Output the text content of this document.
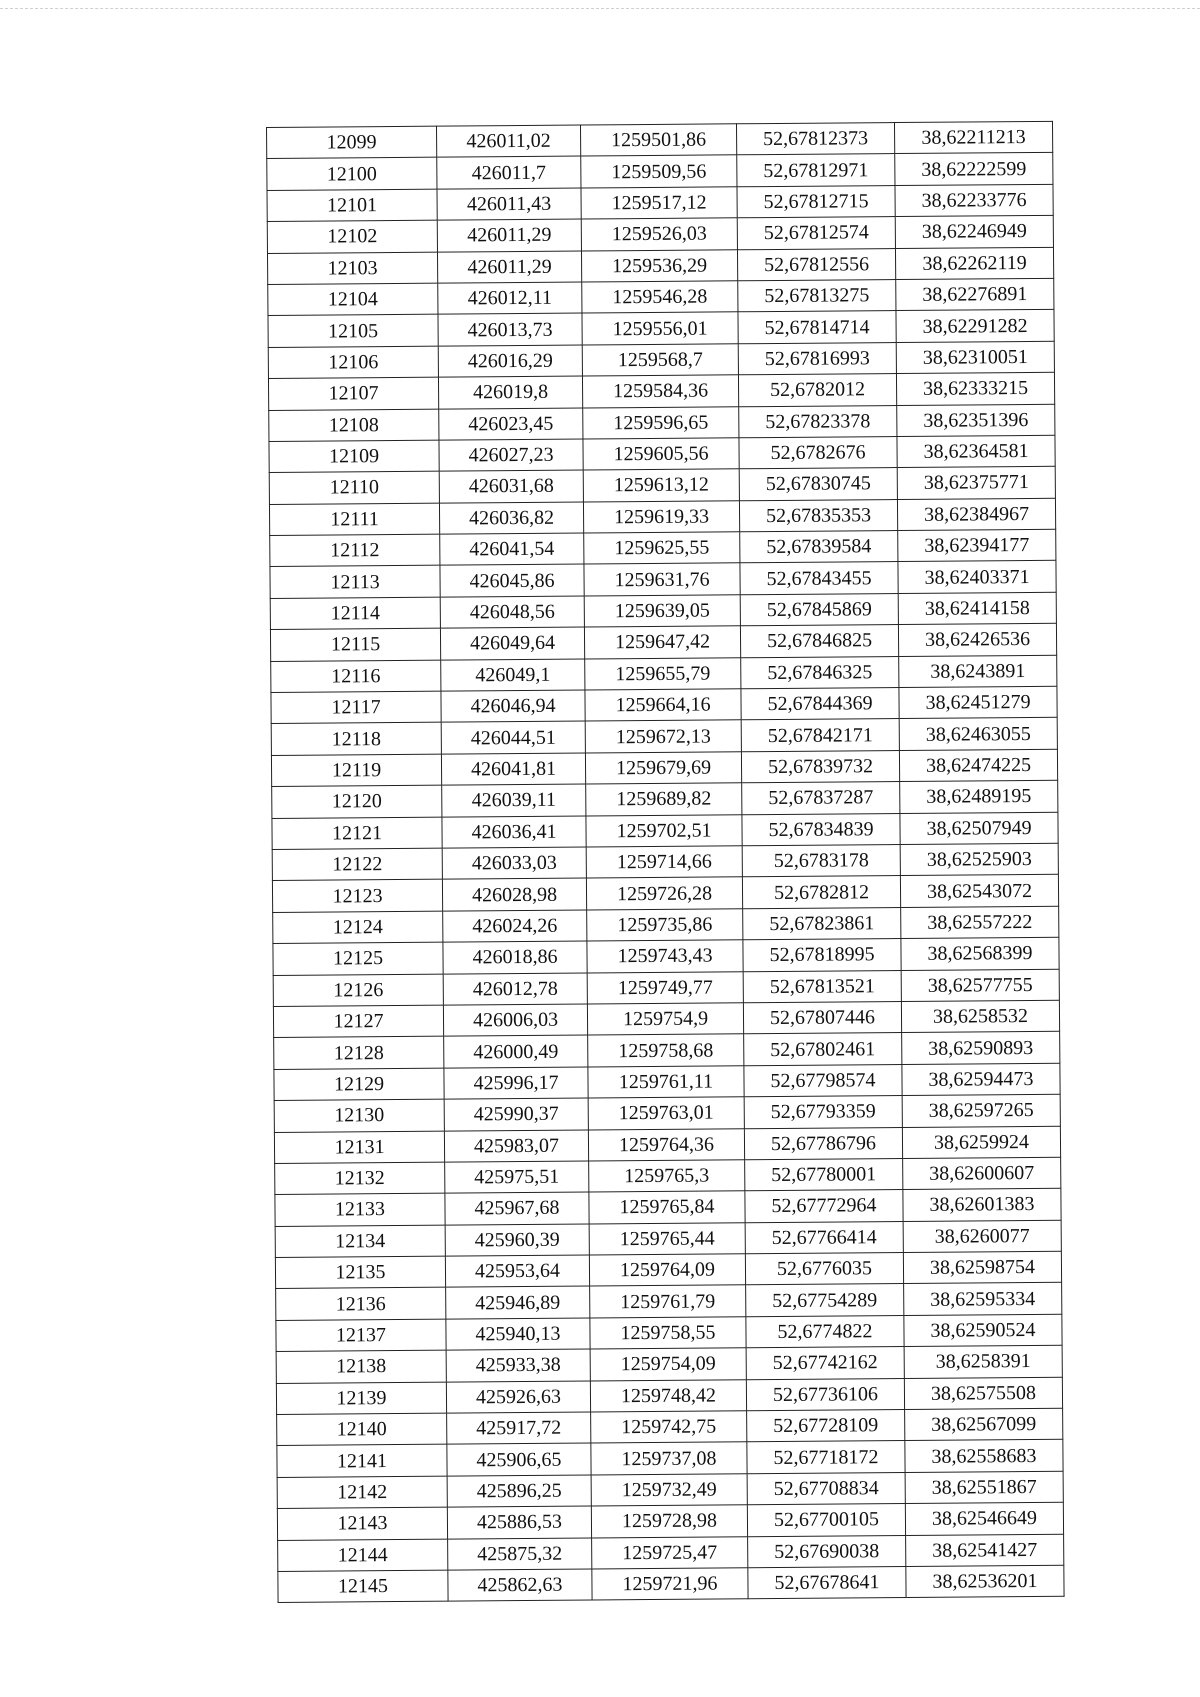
12099	426011,02	1259501,86	52,67812373	38,62211213
12100	426011,7	1259509,56	52,67812971	38,62222599
12101	426011,43	1259517,12	52,67812715	38,62233776
12102	426011,29	1259526,03	52,67812574	38,62246949
12103	426011,29	1259536,29	52,67812556	38,62262119
12104	426012,11	1259546,28	52,67813275	38,62276891
12105	426013,73	1259556,01	52,67814714	38,62291282
12106	426016,29	1259568,7	52,67816993	38,62310051
12107	426019,8	1259584,36	52,6782012	38,62333215
12108	426023,45	1259596,65	52,67823378	38,62351396
12109	426027,23	1259605,56	52,6782676	38,62364581
12110	426031,68	1259613,12	52,67830745	38,62375771
12111	426036,82	1259619,33	52,67835353	38,62384967
12112	426041,54	1259625,55	52,67839584	38,62394177
12113	426045,86	1259631,76	52,67843455	38,62403371
12114	426048,56	1259639,05	52,67845869	38,62414158
12115	426049,64	1259647,42	52,67846825	38,62426536
12116	426049,1	1259655,79	52,67846325	38,6243891
12117	426046,94	1259664,16	52,67844369	38,62451279
12118	426044,51	1259672,13	52,67842171	38,62463055
12119	426041,81	1259679,69	52,67839732	38,62474225
12120	426039,11	1259689,82	52,67837287	38,62489195
12121	426036,41	1259702,51	52,67834839	38,62507949
12122	426033,03	1259714,66	52,6783178	38,62525903
12123	426028,98	1259726,28	52,6782812	38,62543072
12124	426024,26	1259735,86	52,67823861	38,62557222
12125	426018,86	1259743,43	52,67818995	38,62568399
12126	426012,78	1259749,77	52,67813521	38,62577755
12127	426006,03	1259754,9	52,67807446	38,6258532
12128	426000,49	1259758,68	52,67802461	38,62590893
12129	425996,17	1259761,11	52,67798574	38,62594473
12130	425990,37	1259763,01	52,67793359	38,62597265
12131	425983,07	1259764,36	52,67786796	38,6259924
12132	425975,51	1259765,3	52,67780001	38,62600607
12133	425967,68	1259765,84	52,67772964	38,62601383
12134	425960,39	1259765,44	52,67766414	38,6260077
12135	425953,64	1259764,09	52,6776035	38,62598754
12136	425946,89	1259761,79	52,67754289	38,62595334
12137	425940,13	1259758,55	52,6774822	38,62590524
12138	425933,38	1259754,09	52,67742162	38,6258391
12139	425926,63	1259748,42	52,67736106	38,62575508
12140	425917,72	1259742,75	52,67728109	38,62567099
12141	425906,65	1259737,08	52,67718172	38,62558683
12142	425896,25	1259732,49	52,67708834	38,62551867
12143	425886,53	1259728,98	52,67700105	38,62546649
12144	425875,32	1259725,47	52,67690038	38,62541427
12145	425862,63	1259721,96	52,67678641	38,62536201
